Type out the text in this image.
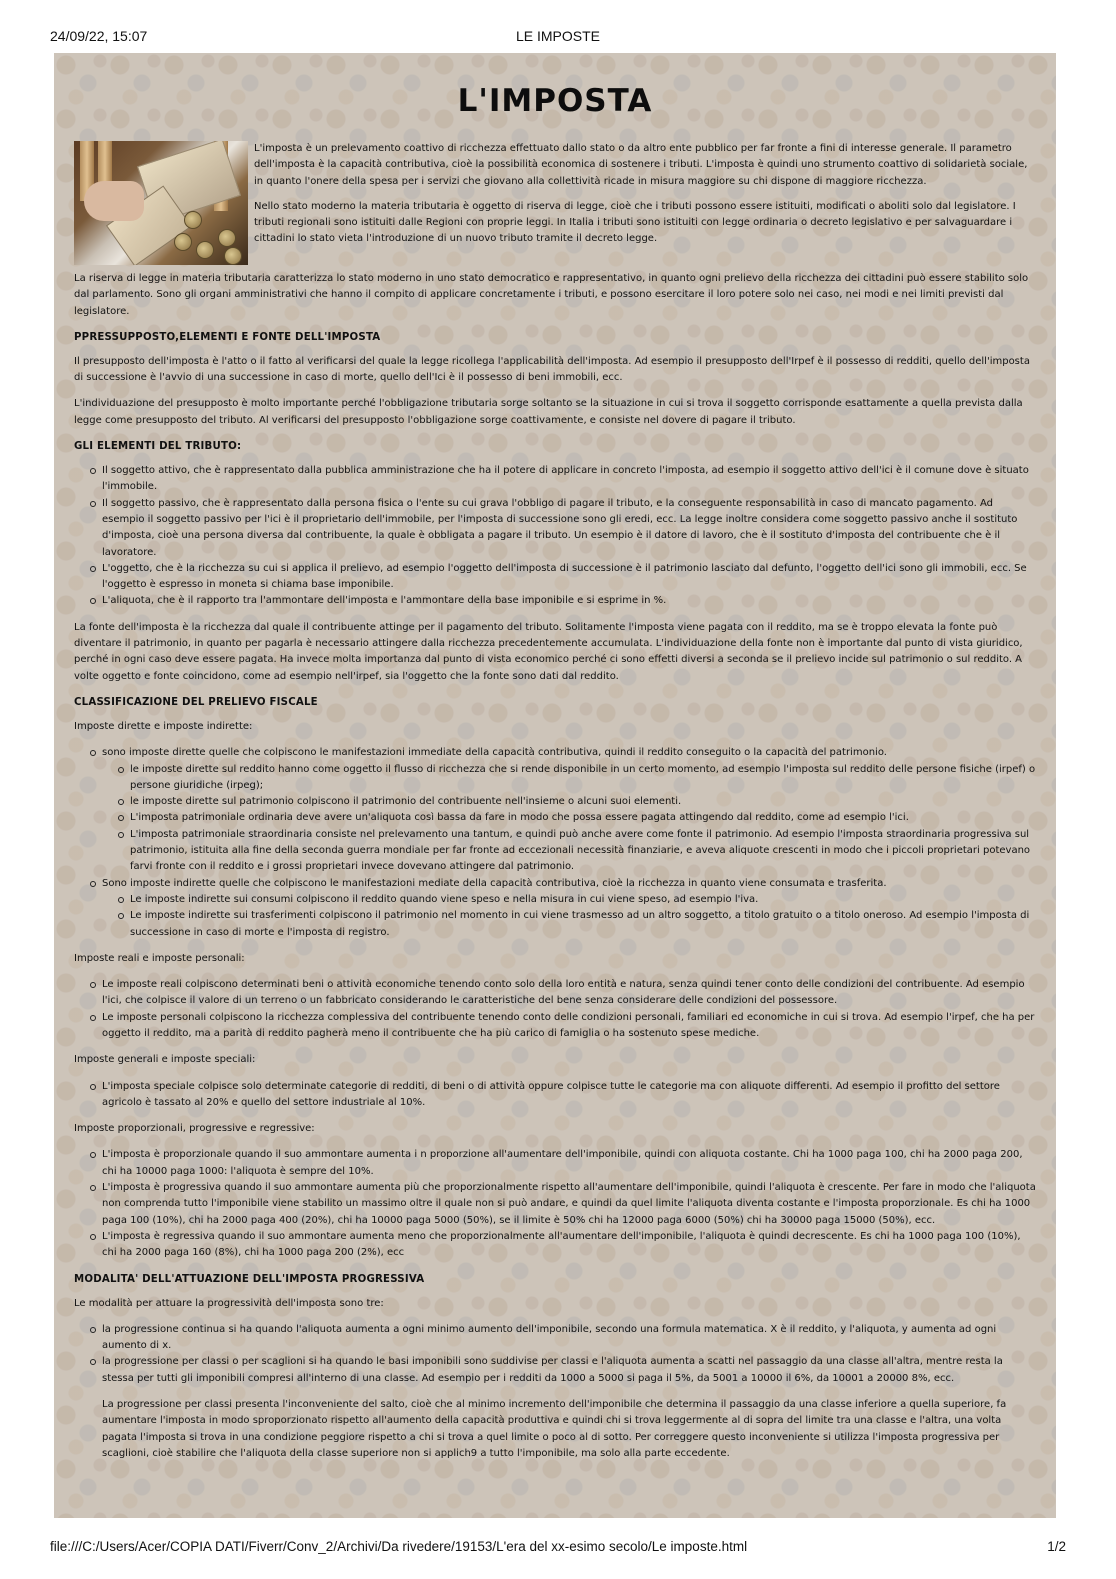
24/09/22, 15:07	LE IMPOSTE
L'IMPOSTA

L'imposta è un prelevamento coattivo di ricchezza effettuato dallo stato o da altro ente pubblico per far fronte a fini di interesse generale. Il parametro dell'imposta è la capacità contributiva, cioè la possibilità economica di sostenere i tributi. L'imposta è quindi uno strumento coattivo di solidarietà sociale, in quanto l'onere della spesa per i servizi che giovano alla collettività ricade in misura maggiore su chi dispone di maggiore ricchezza.

Nello stato moderno la materia tributaria è oggetto di riserva di legge, cioè che i tributi possono essere istituiti, modificati o aboliti solo dal legislatore. I tributi regionali sono istituiti dalle Regioni con proprie leggi. In Italia i tributi sono istituiti con legge ordinaria o decreto legislativo e per salvaguardare i cittadini lo stato vieta l'introduzione di un nuovo tributo tramite il decreto legge.

La riserva di legge in materia tributaria caratterizza lo stato moderno in uno stato democratico e rappresentativo, in quanto ogni prelievo della ricchezza dei cittadini può essere stabilito solo dal parlamento. Sono gli organi amministrativi che hanno il compito di applicare concretamente i tributi, e possono esercitare il loro potere solo nei caso, nei modi e nei limiti previsti dal legislatore.

PPRESSUPPOSTO,ELEMENTI E FONTE DELL'IMPOSTA

Il presupposto dell'imposta è l'atto o il fatto al verificarsi del quale la legge ricollega l'applicabilità dell'imposta. Ad esempio il presupposto dell'Irpef è il possesso di redditi, quello dell'imposta di successione è l'avvio di una successione in caso di morte, quello dell'Ici è il possesso di beni immobili, ecc.

L'individuazione del presupposto è molto importante perché l'obbligazione tributaria sorge soltanto se la situazione in cui si trova il soggetto corrisponde esattamente a quella prevista dalla legge come presupposto del tributo. Al verificarsi del presupposto l'obbligazione sorge coattivamente, e consiste nel dovere di pagare il tributo.

GLI ELEMENTI DEL TRIBUTO:
Il soggetto attivo, che è rappresentato dalla pubblica amministrazione che ha il potere di applicare in concreto l'imposta, ad esempio il soggetto attivo dell'ici è il comune dove è situato l'immobile.
Il soggetto passivo, che è rappresentato dalla persona fisica o l'ente su cui grava l'obbligo di pagare il tributo, e la conseguente responsabilità in caso di mancato pagamento. Ad esempio il soggetto passivo per l'ici è il proprietario dell'immobile, per l'imposta di successione sono gli eredi, ecc. La legge inoltre considera come soggetto passivo anche il sostituto d'imposta, cioè una persona diversa dal contribuente, la quale è obbligata a pagare il tributo. Un esempio è il datore di lavoro, che è il sostituto d'imposta del contribuente che è il lavoratore.
L'oggetto, che è la ricchezza su cui si applica il prelievo, ad esempio l'oggetto dell'imposta di successione è il patrimonio lasciato dal defunto, l'oggetto dell'ici sono gli immobili, ecc. Se l'oggetto è espresso in moneta si chiama base imponibile.
L'aliquota, che è il rapporto tra l'ammontare dell'imposta e l'ammontare della base imponibile e si esprime in %.

La fonte dell'imposta è la ricchezza dal quale il contribuente attinge per il pagamento del tributo. Solitamente l'imposta viene pagata con il reddito, ma se è troppo elevata la fonte può diventare il patrimonio, in quanto per pagarla è necessario attingere dalla ricchezza precedentemente accumulata. L'individuazione della fonte non è importante dal punto di vista giuridico, perché in ogni caso deve essere pagata. Ha invece molta importanza dal punto di vista economico perché ci sono effetti diversi a seconda se il prelievo incide sul patrimonio o sul reddito. A volte oggetto e fonte coincidono, come ad esempio nell'irpef, sia l'oggetto che la fonte sono dati dal reddito.

CLASSIFICAZIONE DEL PRELIEVO FISCALE

Imposte dirette e imposte indirette:

sono imposte dirette quelle che colpiscono le manifestazioni immediate della capacità contributiva, quindi il reddito conseguito o la capacità del patrimonio.
le imposte dirette sul reddito hanno come oggetto il flusso di ricchezza che si rende disponibile in un certo momento, ad esempio l'imposta sul reddito delle persone fisiche (irpef) o persone giuridiche (irpeg);
le imposte dirette sul patrimonio colpiscono il patrimonio del contribuente nell'insieme o alcuni suoi elementi.
L'imposta patrimoniale ordinaria deve avere un'aliquota così bassa da fare in modo che possa essere pagata attingendo dal reddito, come ad esempio l'ici.
L'imposta patrimoniale straordinaria consiste nel prelevamento una tantum, e quindi può anche avere come fonte il patrimonio. Ad esempio l'imposta straordinaria progressiva sul patrimonio, istituita alla fine della seconda guerra mondiale per far fronte ad eccezionali necessità finanziarie, e aveva aliquote crescenti in modo che i piccoli proprietari potevano farvi fronte con il reddito e i grossi proprietari invece dovevano attingere dal patrimonio.
Sono imposte indirette quelle che colpiscono le manifestazioni mediate della capacità contributiva, cioè la ricchezza in quanto viene consumata e trasferita.
Le imposte indirette sui consumi colpiscono il reddito quando viene speso e nella misura in cui viene speso, ad esempio l'iva.
Le imposte indirette sui trasferimenti colpiscono il patrimonio nel momento in cui viene trasmesso ad un altro soggetto, a titolo gratuito o a titolo oneroso. Ad esempio l'imposta di successione in caso di morte e l'imposta di registro.

Imposte reali e imposte personali:

Le imposte reali colpiscono determinati beni o attività economiche tenendo conto solo della loro entità e natura, senza quindi tener conto delle condizioni del contribuente. Ad esempio l'ici, che colpisce il valore di un terreno o un fabbricato considerando le caratteristiche del bene senza considerare delle condizioni del possessore.
Le imposte personali colpiscono la ricchezza complessiva del contribuente tenendo conto delle condizioni personali, familiari ed economiche in cui si trova. Ad esempio l'irpef, che ha per oggetto il reddito, ma a parità di reddito pagherà meno il contribuente che ha più carico di famiglia o ha sostenuto spese mediche.

Imposte generali e imposte speciali:

L'imposta speciale colpisce solo determinate categorie di redditi, di beni o di attività oppure colpisce tutte le categorie ma con aliquote differenti. Ad esempio il profitto del settore agricolo è tassato al 20% e quello del settore industriale al 10%.

Imposte proporzionali, progressive e regressive:

L'imposta è proporzionale quando il suo ammontare aumenta i n proporzione all'aumentare dell'imponibile, quindi con aliquota costante. Chi ha 1000 paga 100, chi ha 2000 paga 200, chi ha 10000 paga 1000: l'aliquota è sempre del 10%.
L'imposta è progressiva quando il suo ammontare aumenta più che proporzionalmente rispetto all'aumentare dell'imponibile, quindi l'aliquota è crescente. Per fare in modo che l'aliquota non comprenda tutto l'imponibile viene stabilito un massimo oltre il quale non si può andare, e quindi da quel limite l'aliquota diventa costante e l'imposta proporzionale. Es chi ha 1000 paga 100 (10%), chi ha 2000 paga 400 (20%), chi ha 10000 paga 5000 (50%), se il limite è 50% chi ha 12000 paga 6000 (50%) chi ha 30000 paga 15000 (50%), ecc.
L'imposta è regressiva quando il suo ammontare aumenta meno che proporzionalmente all'aumentare dell'imponibile, l'aliquota è quindi decrescente. Es chi ha 1000 paga 100 (10%), chi ha 2000 paga 160 (8%), chi ha 1000 paga 200 (2%), ecc
MODALITA' DELL'ATTUAZIONE DELL'IMPOSTA PROGRESSIVA

Le modalità per attuare la progressività dell'imposta sono tre:

la progressione continua si ha quando l'aliquota aumenta a ogni minimo aumento dell'imponibile, secondo una formula matematica. X è il reddito, y l'aliquota, y aumenta ad ogni aumento di x.
la progressione per classi o per scaglioni si ha quando le basi imponibili sono suddivise per classi e l'aliquota aumenta a scatti nel passaggio da una classe all'altra, mentre resta la stessa per tutti gli imponibili compresi all'interno di una classe. Ad esempio per i redditi da 1000 a 5000 si paga il 5%, da 5001 a 10000 il 6%, da 10001 a 20000 8%, ecc.

La progressione per classi presenta l'inconveniente del salto, cioè che al minimo incremento dell'imponibile che determina il passaggio da una classe inferiore a quella superiore, fa aumentare l'imposta in modo sproporzionato rispetto all'aumento della capacità produttiva e quindi chi si trova leggermente al di sopra del limite tra una classe e l'altra, una volta pagata l'imposta si trova in una condizione peggiore rispetto a chi si trova a quel limite o poco al di sotto. Per correggere questo inconveniente si utilizza l'imposta progressiva per scaglioni, cioè stabilire che l'aliquota della classe superiore non si applich9 a tutto l'imponibile, ma solo alla parte eccedente.

file:///C:/Users/Acer/COPIA DATI/Fiverr/Conv_2/Archivi/Da rivedere/19153/L'era del xx-esimo secolo/Le imposte.html	1/2
